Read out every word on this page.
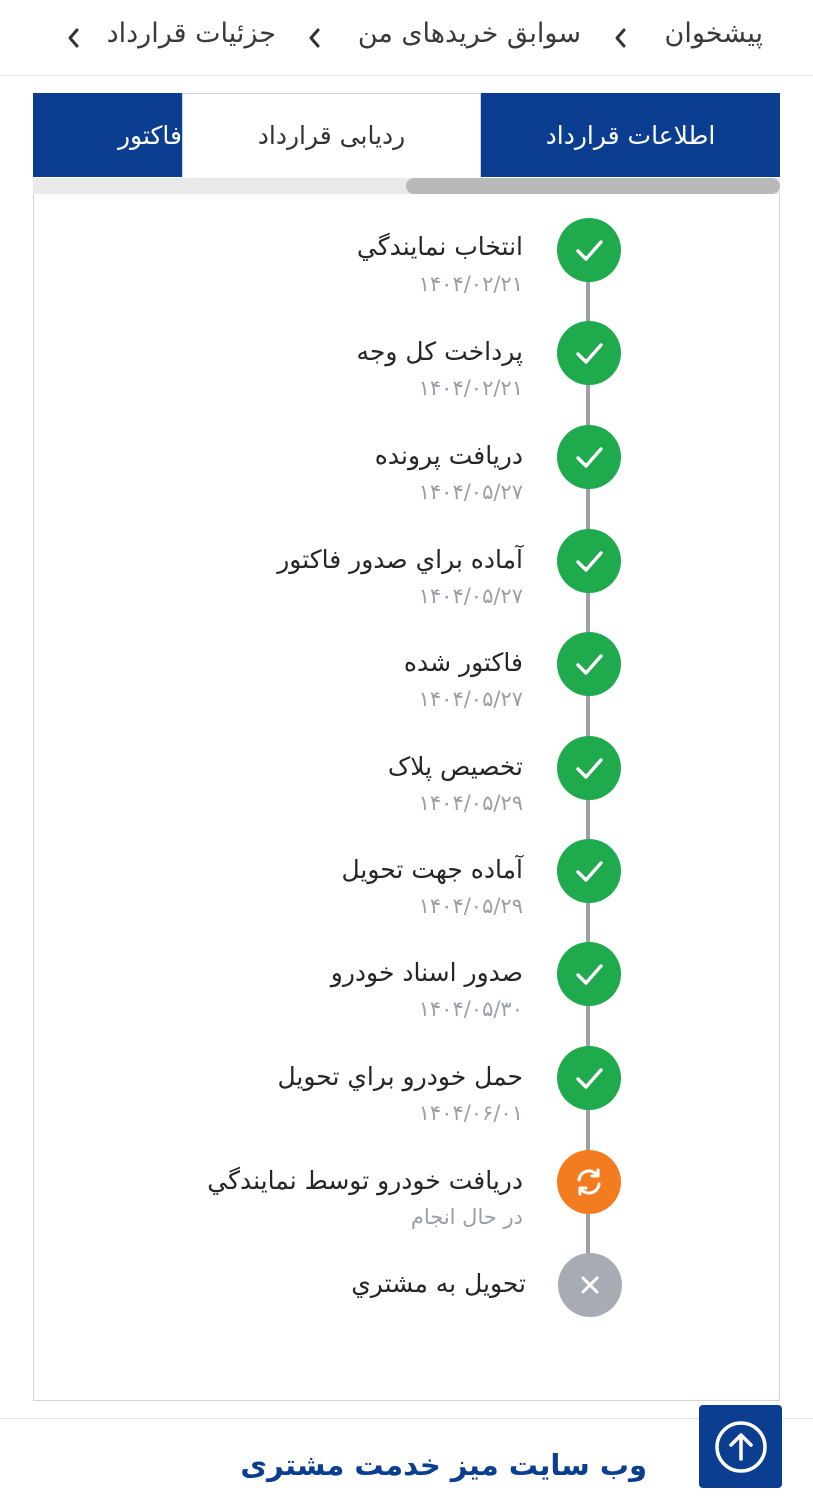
پیشخوان
سوابق خریدهای من
جزئیات قرارداد
اطلاعات قرارداد
ردیابی قرارداد
فاکتور
انتخاب نمايندگي
۱۴۰۴/۰۲/۲۱
پرداخت کل وجه
۱۴۰۴/۰۲/۲۱
دريافت پرونده
۱۴۰۴/۰۵/۲۷
آماده براي صدور فاکتور
۱۴۰۴/۰۵/۲۷
فاکتور شده
۱۴۰۴/۰۵/۲۷
تخصيص پلاک
۱۴۰۴/۰۵/۲۹
آماده جهت تحويل
۱۴۰۴/۰۵/۲۹
صدور اسناد خودرو
۱۴۰۴/۰۵/۳۰
حمل خودرو براي تحويل
۱۴۰۴/۰۶/۰۱
دريافت خودرو توسط نمايندگي
در حال انجام
تحويل به مشتري
وب سایت میز خدمت مشتری
